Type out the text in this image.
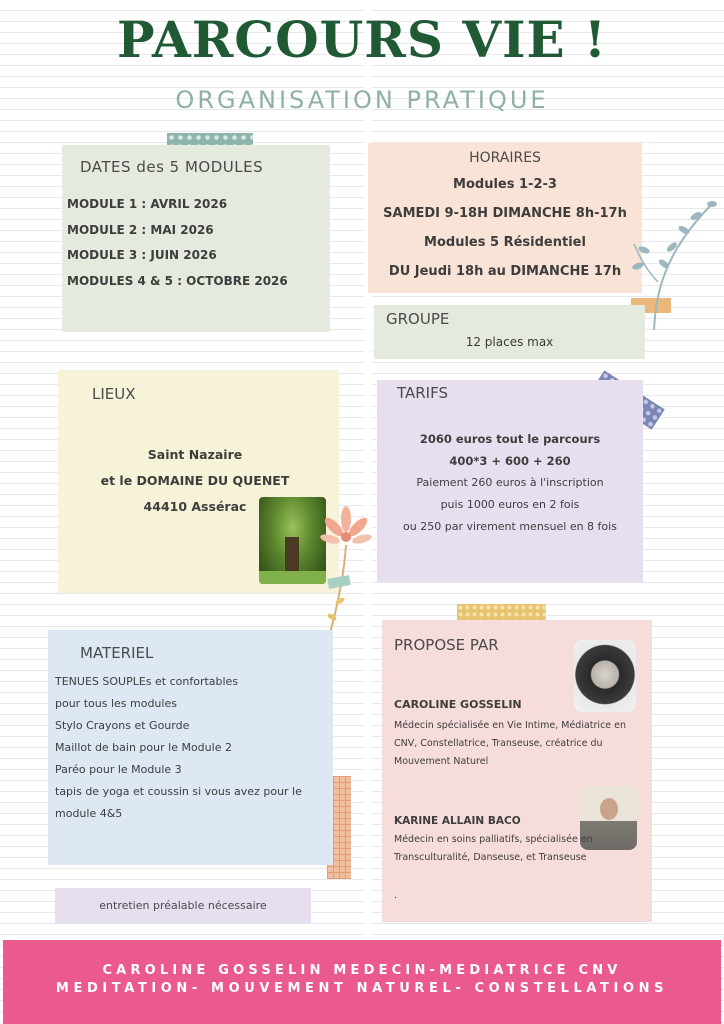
PARCOURS VIE !
ORGANISATION PRATIQUE
DATES des 5 MODULES
MODULE 1 : AVRIL 2026
MODULE 2 : MAI 2026
MODULE 3 : JUIN 2026
MODULES 4 & 5 : OCTOBRE 2026
HORAIRES
Modules 1-2-3
SAMEDI 9-18H DIMANCHE 8h-17h
Modules 5 Résidentiel
DU Jeudi 18h au DIMANCHE 17h
GROUPE
12 places max
LIEUX
Saint Nazaire
et le DOMAINE DU QUENET
44410 Assérac
TARIFS
2060 euros tout le parcours
400*3 + 600 + 260
Paiement 260 euros à l'inscription
puis 1000 euros en 2 fois
ou 250 par virement mensuel en 8 fois
MATERIEL
TENUES SOUPLEs et confortables
pour tous les modules
Stylo Crayons et Gourde
Maillot de bain pour le Module 2
Paréo pour le Module 3
tapis de yoga et coussin si vous avez pour le module 4&5
PROPOSE PAR
CAROLINE GOSSELIN
Médecin spécialisée en Vie Intime, Médiatrice en CNV, Constellatrice, Transeuse, créatrice du Mouvement Naturel
KARINE ALLAIN BACO
Médecin en soins palliatifs, spécialisée en Transculturalité, Danseuse, et Transeuse
.
entretien préalable nécessaire
CAROLINE GOSSELIN MEDECIN-MEDIATRICE CNV
MEDITATION- MOUVEMENT NATUREL- CONSTELLATIONS
